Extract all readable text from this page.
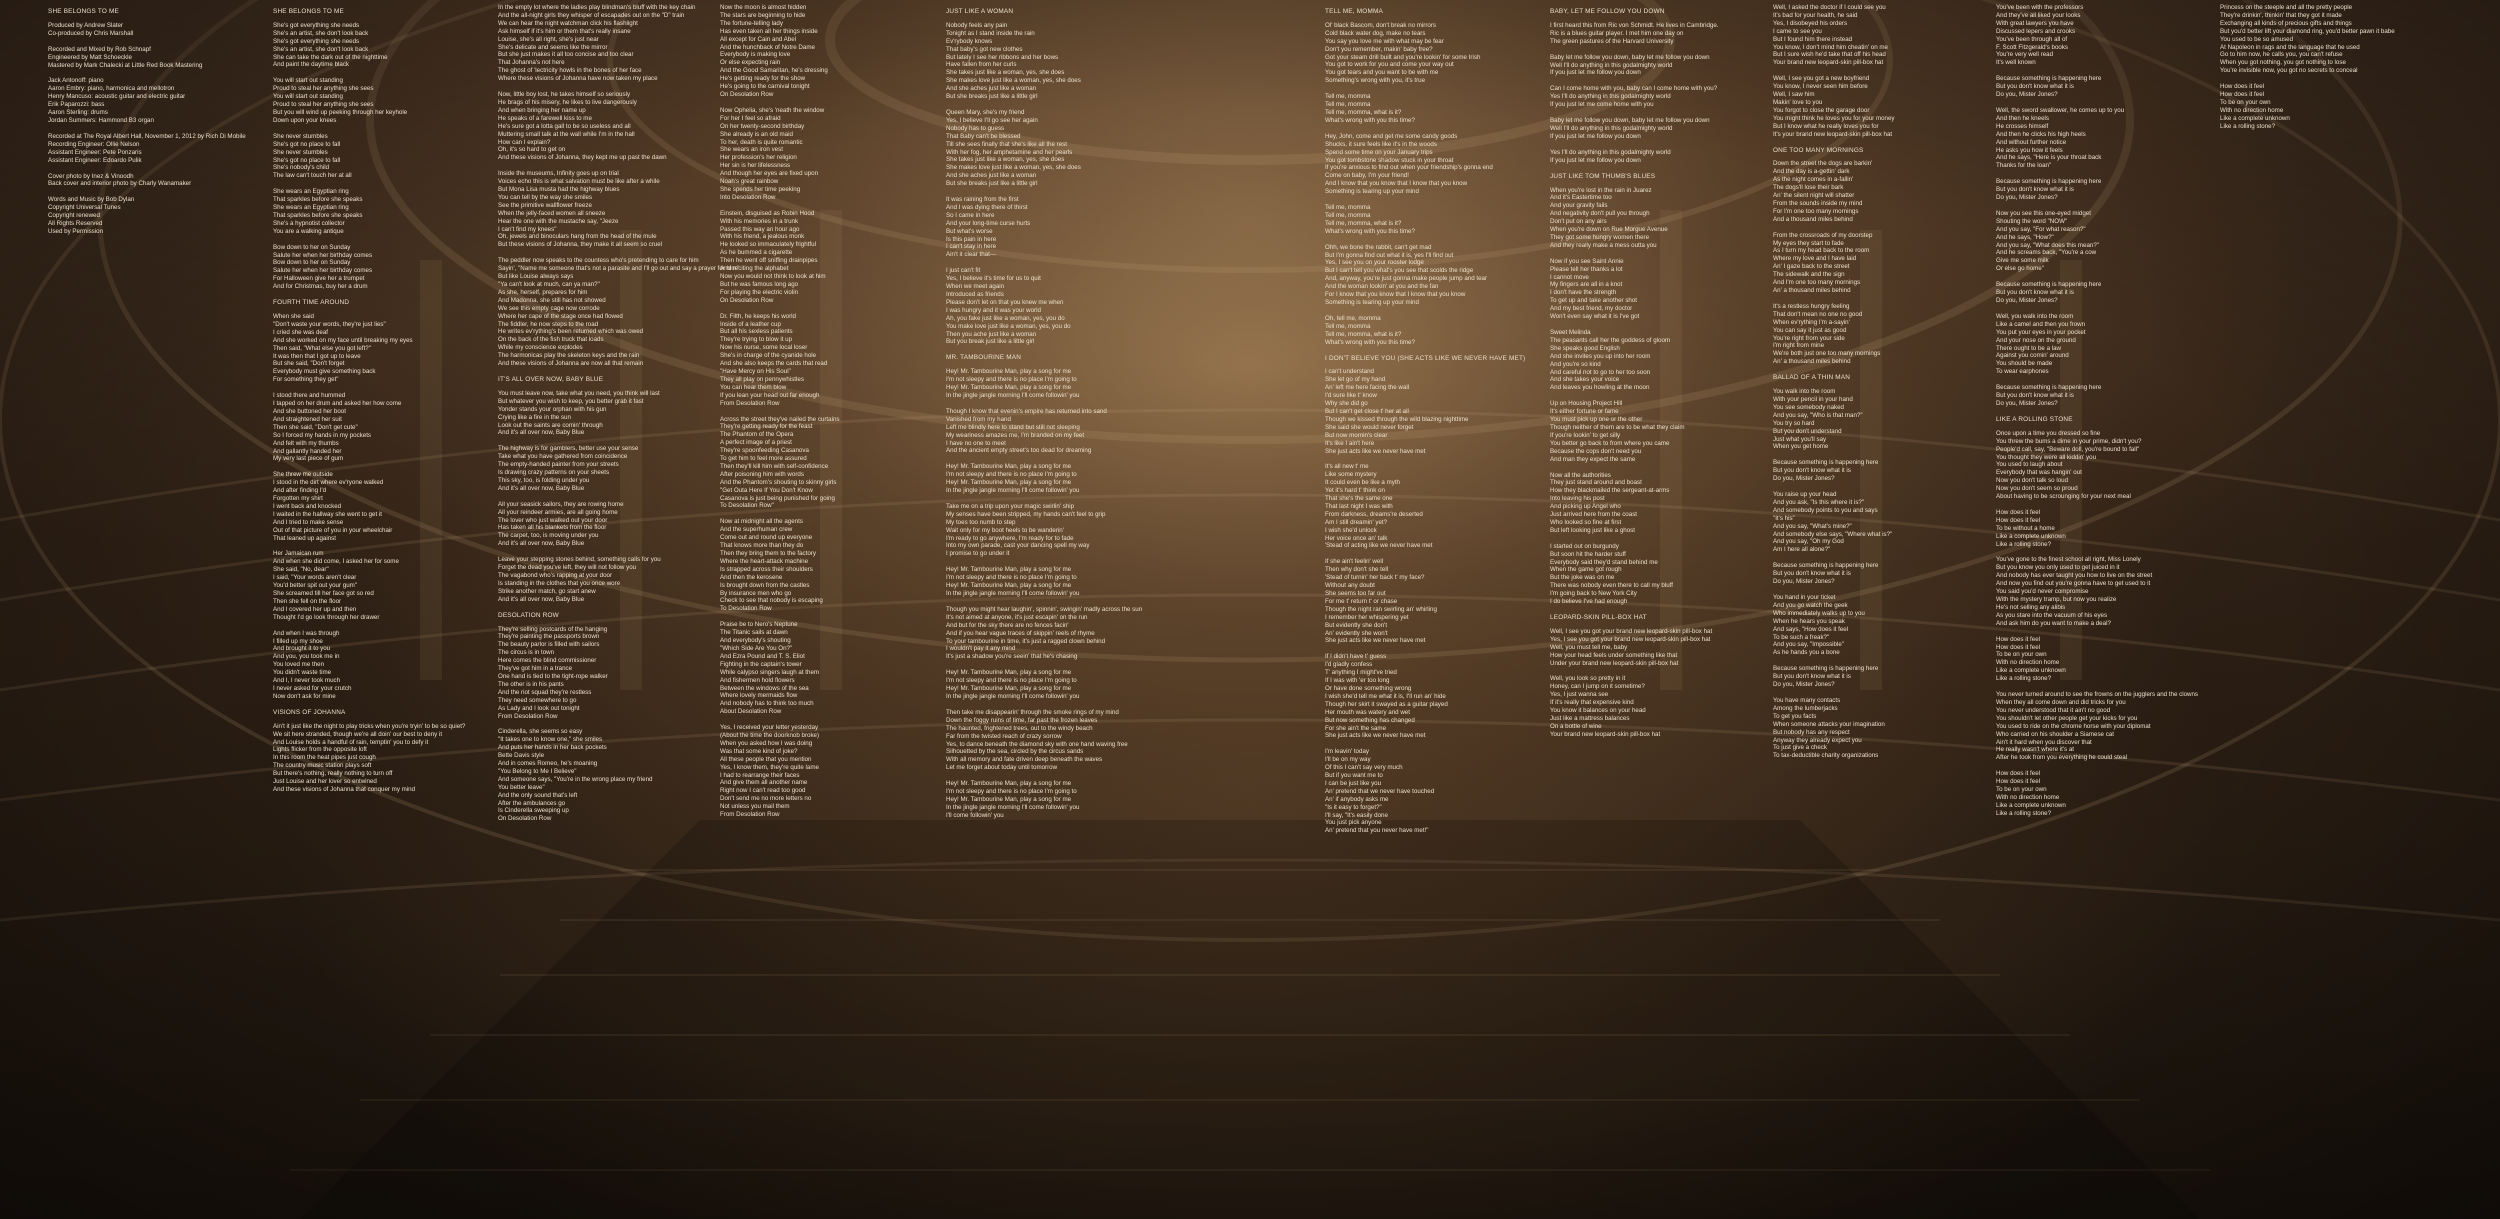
SHE BELONGS TO ME
Produced by Andrew Slater
Co-produced by Chris Marshall
Recorded and Mixed by Rob Schnapf
Engineered by Matt Schoeckle
Mastered by Mark Chalecki at Little Red Book Mastering
Jack Antonoff: piano
Aaron Embry: piano, harmonica and mellotron
Henry Mancuso: acoustic guitar and electric guitar
Erik Paparozzi: bass
Aaron Sterling: drums
Jordan Summers: Hammond B3 organ
Recorded at The Royal Albert Hall, November 1, 2012 by Rich Di Mobile
Recording Engineer: Ollie Nelson
Assistant Engineer: Pete Ponzaris
Assistant Engineer: Edoardo Pulik
Cover photo by Inez & Vinoodh
Back cover and interior photo by Charly Wanamaker
Words and Music by Bob Dylan
Copyright Universal Tunes
Copyright renewed
All Rights Reserved
Used by Permission
SHE BELONGS TO ME
She's got everything she needs
She's an artist, she don't look back
She's got everything she needs
She's an artist, she don't look back
She can take the dark out of the nighttime
And paint the daytime black
You will start out standing
Proud to steal her anything she sees
You will start out standing
Proud to steal her anything she sees
But you will wind up peeking through her keyhole
Down upon your knees
She never stumbles
She's got no place to fall
She never stumbles
She's got no place to fall
She's nobody's child
The law can't touch her at all
She wears an Egyptian ring
That sparkles before she speaks
She wears an Egyptian ring
That sparkles before she speaks
She's a hypnotist collector
You are a walking antique
Bow down to her on Sunday
Salute her when her birthday comes
Bow down to her on Sunday
Salute her when her birthday comes
For Halloween give her a trumpet
And for Christmas, buy her a drum
FOURTH TIME AROUND
When she said
"Don't waste your words, they're just lies"
I cried she was deaf
And she worked on my face until breaking my eyes
Then said, "What else you got left?"
It was then that I got up to leave
But she said, "Don't forget
Everybody must give something back
For something they get"
I stood there and hummed
I tapped on her drum and asked her how come
And she buttoned her boot
And straightened her suit
Then she said, "Don't get cute"
So I forced my hands in my pockets
And felt with my thumbs
And gallantly handed her
My very last piece of gum
She threw me outside
I stood in the dirt where ev'ryone walked
And after finding I'd
Forgotten my shirt
I went back and knocked
I waited in the hallway she went to get it
And I tried to make sense
Out of that picture of you in your wheelchair
That leaned up against
Her Jamaican rum
And when she did come, I asked her for some
She said, "No, dear"
I said, "Your words aren't clear
You'd better spit out your gum"
She screamed till her face got so red
Then she fell on the floor
And I covered her up and then
Thought I'd go look through her drawer
And when I was through
I filled up my shoe
And brought it to you
And you, you took me in
You loved me then
You didn't waste time
And I, I never took much
I never asked for your crutch
Now don't ask for mine
VISIONS OF JOHANNA
Ain't it just like the night to play tricks when you're tryin' to be so quiet?
We sit here stranded, though we're all doin' our best to deny it
And Louise holds a handful of rain, temptin' you to defy it
Lights flicker from the opposite loft
In this room the heat pipes just cough
The country music station plays soft
But there's nothing, really nothing to turn off
Just Louise and her lover so entwined
And these visions of Johanna that conquer my mind
In the empty lot where the ladies play blindman's bluff with the key chain
And the all-night girls they whisper of escapades out on the "D" train
We can hear the night watchman click his flashlight
Ask himself if it's him or them that's really insane
Louise, she's all right, she's just near
She's delicate and seems like the mirror
But she just makes it all too concise and too clear
That Johanna's not here
The ghost of 'lectricity howls in the bones of her face
Where these visions of Johanna have now taken my place
Now, little boy lost, he takes himself so seriously
He brags of his misery, he likes to live dangerously
And when bringing her name up
He speaks of a farewell kiss to me
He's sure got a lotta gall to be so useless and all
Muttering small talk at the wall while I'm in the hall
How can I explain?
Oh, it's so hard to get on
And these visions of Johanna, they kept me up past the dawn
Inside the museums, Infinity goes up on trial
Voices echo this is what salvation must be like after a while
But Mona Lisa musta had the highway blues
You can tell by the way she smiles
See the primitive wallflower freeze
When the jelly-faced women all sneeze
Hear the one with the mustache say, "Jeeze
I can't find my knees"
Oh, jewels and binoculars hang from the head of the mule
But these visions of Johanna, they make it all seem so cruel
The peddler now speaks to the countess who's pretending to care for him
Sayin', "Name me someone that's not a parasite and I'll go out and say a prayer for him"
But like Louise always says
"Ya can't look at much, can ya man?"
As she, herself, prepares for him
And Madonna, she still has not showed
We see this empty cage now corrode
Where her cape of the stage once had flowed
The fiddler, he now steps to the road
He writes ev'rything's been returned which was owed
On the back of the fish truck that loads
While my conscience explodes
The harmonicas play the skeleton keys and the rain
And these visions of Johanna are now all that remain
IT'S ALL OVER NOW, BABY BLUE
You must leave now, take what you need, you think will last
But whatever you wish to keep, you better grab it fast
Yonder stands your orphan with his gun
Crying like a fire in the sun
Look out the saints are comin' through
And it's all over now, Baby Blue
The highway is for gamblers, better use your sense
Take what you have gathered from coincidence
The empty-handed painter from your streets
Is drawing crazy patterns on your sheets
This sky, too, is folding under you
And it's all over now, Baby Blue
All your seasick sailors, they are rowing home
All your reindeer armies, are all going home
The lover who just walked out your door
Has taken all his blankets from the floor
The carpet, too, is moving under you
And it's all over now, Baby Blue
Leave your stepping stones behind, something calls for you
Forget the dead you've left, they will not follow you
The vagabond who's rapping at your door
Is standing in the clothes that you once wore
Strike another match, go start anew
And it's all over now, Baby Blue
DESOLATION ROW
They're selling postcards of the hanging
They're painting the passports brown
The beauty parlor is filled with sailors
The circus is in town
Here comes the blind commissioner
They've got him in a trance
One hand is tied to the tight-rope walker
The other is in his pants
And the riot squad they're restless
They need somewhere to go
As Lady and I look out tonight
From Desolation Row
Cinderella, she seems so easy
"It takes one to know one," she smiles
And puts her hands in her back pockets
Bette Davis style
And in comes Romeo, he's moaning
"You Belong to Me I Believe"
And someone says, "You're in the wrong place my friend
You better leave"
And the only sound that's left
After the ambulances go
Is Cinderella sweeping up
On Desolation Row
Now the moon is almost hidden
The stars are beginning to hide
The fortune-telling lady
Has even taken all her things inside
All except for Cain and Abel
And the hunchback of Notre Dame
Everybody is making love
Or else expecting rain
And the Good Samaritan, he's dressing
He's getting ready for the show
He's going to the carnival tonight
On Desolation Row
Now Ophelia, she's 'neath the window
For her I feel so afraid
On her twenty-second birthday
She already is an old maid
To her, death is quite romantic
She wears an iron vest
Her profession's her religion
Her sin is her lifelessness
And though her eyes are fixed upon
Noah's great rainbow
She spends her time peeking
Into Desolation Row
Einstein, disguised as Robin Hood
With his memories in a trunk
Passed this way an hour ago
With his friend, a jealous monk
He looked so immaculately frightful
As he bummed a cigarette
Then he went off sniffing drainpipes
And reciting the alphabet
Now you would not think to look at him
But he was famous long ago
For playing the electric violin
On Desolation Row
Dr. Filth, he keeps his world
Inside of a leather cup
But all his sexless patients
They're trying to blow it up
Now his nurse, some local loser
She's in charge of the cyanide hole
And she also keeps the cards that read
"Have Mercy on His Soul"
They all play on pennywhistles
You can hear them blow
If you lean your head out far enough
From Desolation Row
Across the street they've nailed the curtains
They're getting ready for the feast
The Phantom of the Opera
A perfect image of a priest
They're spoonfeeding Casanova
To get him to feel more assured
Then they'll kill him with self-confidence
After poisoning him with words
And the Phantom's shouting to skinny girls
"Get Outa Here If You Don't Know
Casanova is just being punished for going
To Desolation Row"
Now at midnight all the agents
And the superhuman crew
Come out and round up everyone
That knows more than they do
Then they bring them to the factory
Where the heart-attack machine
Is strapped across their shoulders
And then the kerosene
Is brought down from the castles
By insurance men who go
Check to see that nobody is escaping
To Desolation Row
Praise be to Nero's Neptune
The Titanic sails at dawn
And everybody's shouting
"Which Side Are You On?"
And Ezra Pound and T. S. Eliot
Fighting in the captain's tower
While calypso singers laugh at them
And fishermen hold flowers
Between the windows of the sea
Where lovely mermaids flow
And nobody has to think too much
About Desolation Row
Yes, I received your letter yesterday
(About the time the doorknob broke)
When you asked how I was doing
Was that some kind of joke?
All these people that you mention
Yes, I know them, they're quite lame
I had to rearrange their faces
And give them all another name
Right now I can't read too good
Don't send me no more letters no
Not unless you mail them
From Desolation Row
JUST LIKE A WOMAN
Nobody feels any pain
Tonight as I stand inside the rain
Ev'rybody knows
That baby's got new clothes
But lately I see her ribbons and her bows
Have fallen from her curls
She takes just like a woman, yes, she does
She makes love just like a woman, yes, she does
And she aches just like a woman
But she breaks just like a little girl
Queen Mary, she's my friend
Yes, I believe I'll go see her again
Nobody has to guess
That Baby can't be blessed
Till she sees finally that she's like all the rest
With her fog, her amphetamine and her pearls
She takes just like a woman, yes, she does
She makes love just like a woman, yes, she does
And she aches just like a woman
But she breaks just like a little girl
It was raining from the first
And I was dying there of thirst
So I came in here
And your long-time curse hurts
But what's worse
Is this pain in here
I can't stay in here
Ain't it clear that—
I just can't fit
Yes, I believe it's time for us to quit
When we meet again
Introduced as friends
Please don't let on that you knew me when
I was hungry and it was your world
Ah, you fake just like a woman, yes, you do
You make love just like a woman, yes, you do
Then you ache just like a woman
But you break just like a little girl
MR. TAMBOURINE MAN
Hey! Mr. Tambourine Man, play a song for me
I'm not sleepy and there is no place I'm going to
Hey! Mr. Tambourine Man, play a song for me
In the jingle jangle morning I'll come followin' you
Though I know that evenin's empire has returned into sand
Vanished from my hand
Left me blindly here to stand but still not sleeping
My weariness amazes me, I'm branded on my feet
I have no one to meet
And the ancient empty street's too dead for dreaming
Hey! Mr. Tambourine Man, play a song for me
I'm not sleepy and there is no place I'm going to
Hey! Mr. Tambourine Man, play a song for me
In the jingle jangle morning I'll come followin' you
Take me on a trip upon your magic swirlin' ship
My senses have been stripped, my hands can't feel to grip
My toes too numb to step
Wait only for my boot heels to be wanderin'
I'm ready to go anywhere, I'm ready for to fade
Into my own parade, cast your dancing spell my way
I promise to go under it
Hey! Mr. Tambourine Man, play a song for me
I'm not sleepy and there is no place I'm going to
Hey! Mr. Tambourine Man, play a song for me
In the jingle jangle morning I'll come followin' you
Though you might hear laughin', spinnin', swingin' madly across the sun
It's not aimed at anyone, it's just escapin' on the run
And but for the sky there are no fences facin'
And if you hear vague traces of skippin' reels of rhyme
To your tambourine in time, it's just a ragged clown behind
I wouldn't pay it any mind
It's just a shadow you're seein' that he's chasing
Hey! Mr. Tambourine Man, play a song for me
I'm not sleepy and there is no place I'm going to
Hey! Mr. Tambourine Man, play a song for me
In the jingle jangle morning I'll come followin' you
Then take me disappearin' through the smoke rings of my mind
Down the foggy ruins of time, far past the frozen leaves
The haunted, frightened trees, out to the windy beach
Far from the twisted reach of crazy sorrow
Yes, to dance beneath the diamond sky with one hand waving free
Silhouetted by the sea, circled by the circus sands
With all memory and fate driven deep beneath the waves
Let me forget about today until tomorrow
Hey! Mr. Tambourine Man, play a song for me
I'm not sleepy and there is no place I'm going to
Hey! Mr. Tambourine Man, play a song for me
In the jingle jangle morning I'll come followin' you
I'll come followin' you
TELL ME, MOMMA
Ol' black Bascom, don't break no mirrors
Cold black water dog, make no tears
You say you love me with what may be fear
Don't you remember, makin' baby free?
Got your steam drill built and you're lookin' for some Irish
You got to work for you and come your way out
You got tears and you want to be with me
Something's wrong with you, it's true
Tell me, momma
Tell me, momma
Tell me, momma, what is it?
What's wrong with you this time?
Hey, John, come and get me some candy goods
Shucks, it sure feels like it's in the woods
Spend some time on your January trips
You got tombstone shadow stuck in your throat
If you're anxious to find out when your friendship's gonna end
Come on baby, I'm your friend!
And I know that you know that I know that you know
Something is tearing up your mind
Tell me, momma
Tell me, momma
Tell me, momma, what is it?
What's wrong with you this time?
Ohh, we bone the rabbit, can't get mad
But I'm gonna find out what it is, yes I'll find out
Yes, I see you on your rooster lodge
But I can't tell you what's you see that scolds the ridge
And, anyway, you're just gonna make people jump and tear
And the woman lookin' at you and the fan
For I know that you know that I know that you know
Something is tearing up your mind
Oh, tell me, momma
Tell me, momma
Tell me, momma, what is it?
What's wrong with you this time?
I DON'T BELIEVE YOU (SHE ACTS LIKE WE NEVER HAVE MET)
I can't understand
She let go of my hand
An' left me here facing the wall
I'd sure like t' know
Why she did go
But I can't get close t' her at all
Though we kissed through the wild blazing nighttime
She said she would never forget
But now mornin's clear
It's like I ain't here
She just acts like we never have met
It's all new t' me
Like some mystery
It could even be like a myth
Yet it's hard t' think on
That she's the same one
That last night I was with
From darkness, dreams're deserted
Am I still dreamin' yet?
I wish she'd unlock
Her voice once an' talk
'Stead of acting like we never have met
If she ain't feelin' well
Then why don't she tell
'Stead of turnin' her back t' my face?
Without any doubt
She seems too far out
For me t' return t' or chase
Though the night ran swirling an' whirling
I remember her whispering yet
But evidently she don't
An' evidently she won't
She just acts like we never have met
If I didn't have t' guess
I'd gladly confess
T' anything I might've tried
If I was with 'er too long
Or have done something wrong
I wish she'd tell me what it is, I'll run an' hide
Though her skirt it swayed as a guitar played
Her mouth was watery and wet
But now something has changed
For she ain't the same
She just acts like we never have met
I'm leavin' today
I'll be on my way
Of this I can't say very much
But if you want me to
I can be just like you
An' pretend that we never have touched
An' if anybody asks me
"Is it easy to forget?"
I'll say, "It's easily done
You just pick anyone
An' pretend that you never have met!"
BABY, LET ME FOLLOW YOU DOWN
I first heard this from Ric von Schmidt. He lives in Cambridge.
Ric is a blues guitar player. I met him one day on
The green pastures of the Harvard University
Baby let me follow you down, baby let me follow you down
Well I'll do anything in this godalmighty world
If you just let me follow you down
Can I come home with you, baby can I come home with you?
Yes I'll do anything in this godalmighty world
If you just let me come home with you
Baby let me follow you down, baby let me follow you down
Well I'll do anything in this godalmighty world
If you just let me follow you down
Yes I'll do anything in this godalmighty world
If you just let me follow you down
JUST LIKE TOM THUMB'S BLUES
When you're lost in the rain in Juarez
And it's Eastertime too
And your gravity fails
And negativity don't pull you through
Don't put on any airs
When you're down on Rue Morgue Avenue
They got some hungry women there
And they really make a mess outta you
Now if you see Saint Annie
Please tell her thanks a lot
I cannot move
My fingers are all in a knot
I don't have the strength
To get up and take another shot
And my best friend, my doctor
Won't even say what it is I've got
Sweet Melinda
The peasants call her the goddess of gloom
She speaks good English
And she invites you up into her room
And you're so kind
And careful not to go to her too soon
And she takes your voice
And leaves you howling at the moon
Up on Housing Project Hill
It's either fortune or fame
You must pick up one or the other
Though neither of them are to be what they claim
If you're lookin' to get silly
You better go back to from where you came
Because the cops don't need you
And man they expect the same
Now all the authorities
They just stand around and boast
How they blackmailed the sergeant-at-arms
Into leaving his post
And picking up Angel who
Just arrived here from the coast
Who looked so fine at first
But left looking just like a ghost
I started out on burgundy
But soon hit the harder stuff
Everybody said they'd stand behind me
When the game got rough
But the joke was on me
There was nobody even there to call my bluff
I'm going back to New York City
I do believe I've had enough
LEOPARD-SKIN PILL-BOX HAT
Well, I see you got your brand new leopard-skin pill-box hat
Yes, I see you got your brand new leopard-skin pill-box hat
Well, you must tell me, baby
How your head feels under something like that
Under your brand new leopard-skin pill-box hat
Well, you look so pretty in it
Honey, can I jump on it sometime?
Yes, I just wanna see
If it's really that expensive kind
You know it balances on your head
Just like a mattress balances
On a bottle of wine
Your brand new leopard-skin pill-box hat
Well, I asked the doctor if I could see you
It's bad for your health, he said
Yes, I disobeyed his orders
I came to see you
But I found him there instead
You know, I don't mind him cheatin' on me
But I sure wish he'd take that off his head
Your brand new leopard-skin pill-box hat
Well, I see you got a new boyfriend
You know, I never seen him before
Well, I saw him
Makin' love to you
You forgot to close the garage door
You might think he loves you for your money
But I know what he really loves you for
It's your brand new leopard-skin pill-box hat
ONE TOO MANY MORNINGS
Down the street the dogs are barkin'
And the day is a-gettin' dark
As the night comes in a-fallin'
The dogs'll lose their bark
An' the silent night will shatter
From the sounds inside my mind
For I'm one too many mornings
And a thousand miles behind
From the crossroads of my doorstep
My eyes they start to fade
As I turn my head back to the room
Where my love and I have laid
An' I gaze back to the street
The sidewalk and the sign
And I'm one too many mornings
An' a thousand miles behind
It's a restless hungry feeling
That don't mean no one no good
When ev'rything I'm a-sayin'
You can say it just as good
You're right from your side
I'm right from mine
We're both just one too many mornings
An' a thousand miles behind
BALLAD OF A THIN MAN
You walk into the room
With your pencil in your hand
You see somebody naked
And you say, "Who is that man?"
You try so hard
But you don't understand
Just what you'll say
When you get home
Because something is happening here
But you don't know what it is
Do you, Mister Jones?
You raise up your head
And you ask, "Is this where it is?"
And somebody points to you and says
"It's his"
And you say, "What's mine?"
And somebody else says, "Where what is?"
And you say, "Oh my God
Am I here all alone?"
Because something is happening here
But you don't know what it is
Do you, Mister Jones?
You hand in your ticket
And you go watch the geek
Who immediately walks up to you
When he hears you speak
And says, "How does it feel
To be such a freak?"
And you say, "Impossible"
As he hands you a bone
Because something is happening here
But you don't know what it is
Do you, Mister Jones?
You have many contacts
Among the lumberjacks
To get you facts
When someone attacks your imagination
But nobody has any respect
Anyway they already expect you
To just give a check
To tax-deductible charity organizations
You've been with the professors
And they've all liked your looks
With great lawyers you have
Discussed lepers and crooks
You've been through all of
F. Scott Fitzgerald's books
You're very well read
It's well known
Because something is happening here
But you don't know what it is
Do you, Mister Jones?
Well, the sword swallower, he comes up to you
And then he kneels
He crosses himself
And then he clicks his high heels
And without further notice
He asks you how it feels
And he says, "Here is your throat back
Thanks for the loan"
Because something is happening here
But you don't know what it is
Do you, Mister Jones?
Now you see this one-eyed midget
Shouting the word "NOW"
And you say, "For what reason?"
And he says, "How?"
And you say, "What does this mean?"
And he screams back, "You're a cow
Give me some milk
Or else go home"
Because something is happening here
But you don't know what it is
Do you, Mister Jones?
Well, you walk into the room
Like a camel and then you frown
You put your eyes in your pocket
And your nose on the ground
There ought to be a law
Against you comin' around
You should be made
To wear earphones
Because something is happening here
But you don't know what it is
Do you, Mister Jones?
LIKE A ROLLING STONE
Once upon a time you dressed so fine
You threw the bums a dime in your prime, didn't you?
People'd call, say, "Beware doll, you're bound to fall"
You thought they were all kiddin' you
You used to laugh about
Everybody that was hangin' out
Now you don't talk so loud
Now you don't seem so proud
About having to be scrounging for your next meal
How does it feel
How does it feel
To be without a home
Like a complete unknown
Like a rolling stone?
You've gone to the finest school all right, Miss Lonely
But you know you only used to get juiced in it
And nobody has ever taught you how to live on the street
And now you find out you're gonna have to get used to it
You said you'd never compromise
With the mystery tramp, but now you realize
He's not selling any alibis
As you stare into the vacuum of his eyes
And ask him do you want to make a deal?
How does it feel
How does it feel
To be on your own
With no direction home
Like a complete unknown
Like a rolling stone?
You never turned around to see the frowns on the jugglers and the clowns
When they all come down and did tricks for you
You never understood that it ain't no good
You shouldn't let other people get your kicks for you
You used to ride on the chrome horse with your diplomat
Who carried on his shoulder a Siamese cat
Ain't it hard when you discover that
He really wasn't where it's at
After he took from you everything he could steal
How does it feel
How does it feel
To be on your own
With no direction home
Like a complete unknown
Like a rolling stone?
Princess on the steeple and all the pretty people
They're drinkin', thinkin' that they got it made
Exchanging all kinds of precious gifts and things
But you'd better lift your diamond ring, you'd better pawn it babe
You used to be so amused
At Napoleon in rags and the language that he used
Go to him now, he calls you, you can't refuse
When you got nothing, you got nothing to lose
You're invisible now, you got no secrets to conceal
How does it feel
How does it feel
To be on your own
With no direction home
Like a complete unknown
Like a rolling stone?
